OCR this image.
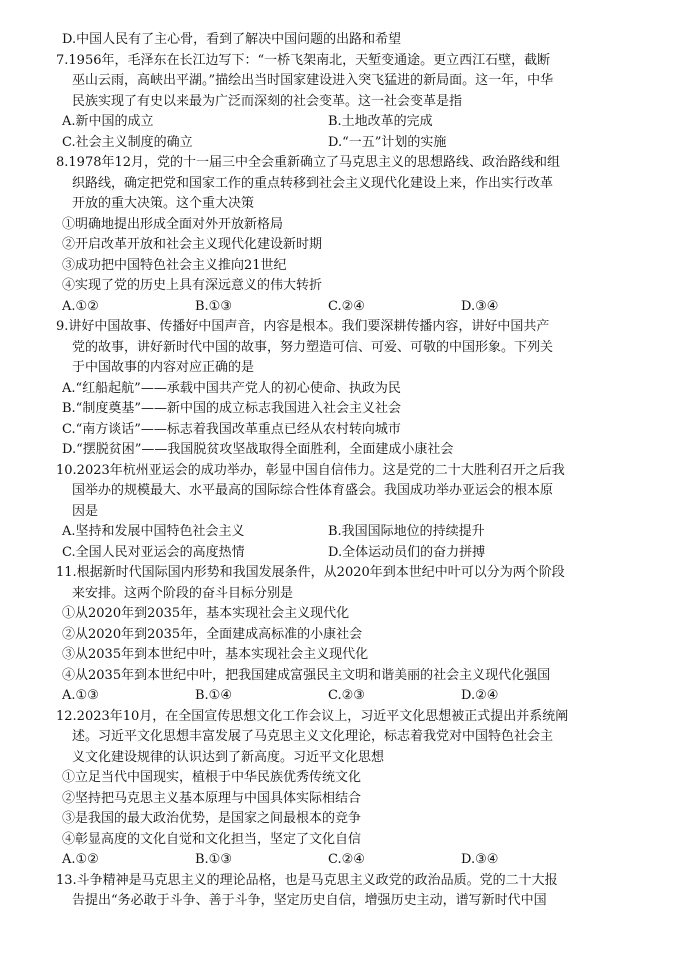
D.中国人民有了主心骨，看到了解决中国问题的出路和希望
7.1956年，毛泽东在长江边写下：“一桥飞架南北，天堑变通途。更立西江石壁，截断
巫山云雨，高峡出平湖。”描绘出当时国家建设进入突飞猛进的新局面。这一年，中华
民族实现了有史以来最为广泛而深刻的社会变革。这一社会变革是指
A.新中国的成立	B.土地改革的完成
C.社会主义制度的确立	D.“一五”计划的实施
8.1978年12月，党的十一届三中全会重新确立了马克思主义的思想路线、政治路线和组
织路线，确定把党和国家工作的重点转移到社会主义现代化建设上来，作出实行改革
开放的重大决策。这个重大决策
①明确地提出形成全面对外开放新格局
②开启改革开放和社会主义现代化建设新时期
③成功把中国特色社会主义推向21世纪
④实现了党的历史上具有深远意义的伟大转折
A.①②	B.①③	C.②④	D.③④
9.讲好中国故事、传播好中国声音，内容是根本。我们要深耕传播内容，讲好中国共产
党的故事，讲好新时代中国的故事，努力塑造可信、可爱、可敬的中国形象。下列关
于中国故事的内容对应正确的是
A.“红船起航”——承载中国共产党人的初心使命、执政为民
B.“制度奠基”——新中国的成立标志我国进入社会主义社会
C.“南方谈话”——标志着我国改革重点已经从农村转向城市
D.“摆脱贫困”——我国脱贫攻坚战取得全面胜利，全面建成小康社会
10.2023年杭州亚运会的成功举办，彰显中国自信伟力。这是党的二十大胜利召开之后我
国举办的规模最大、水平最高的国际综合性体育盛会。我国成功举办亚运会的根本原
因是
A.坚持和发展中国特色社会主义	B.我国国际地位的持续提升
C.全国人民对亚运会的高度热情	D.全体运动员们的奋力拼搏
11.根据新时代国际国内形势和我国发展条件，从2020年到本世纪中叶可以分为两个阶段
来安排。这两个阶段的奋斗目标分别是
①从2020年到2035年，基本实现社会主义现代化
②从2020年到2035年，全面建成高标准的小康社会
③从2035年到本世纪中叶，基本实现社会主义现代化
④从2035年到本世纪中叶，把我国建成富强民主文明和谐美丽的社会主义现代化强国
A.①③	B.①④	C.②③	D.②④
12.2023年10月，在全国宣传思想文化工作会议上，习近平文化思想被正式提出并系统阐
述。习近平文化思想丰富发展了马克思主义文化理论，标志着我党对中国特色社会主
义文化建设规律的认识达到了新高度。习近平文化思想
①立足当代中国现实，植根于中华民族优秀传统文化
②坚持把马克思主义基本原理与中国具体实际相结合
③是我国的最大政治优势，是国家之间最根本的竞争
④彰显高度的文化自觉和文化担当，坚定了文化自信
A.①②	B.①③	C.②④	D.③④
13.斗争精神是马克思主义的理论品格，也是马克思主义政党的政治品质。党的二十大报
告提出“务必敢于斗争、善于斗争，坚定历史自信，增强历史主动，谱写新时代中国
